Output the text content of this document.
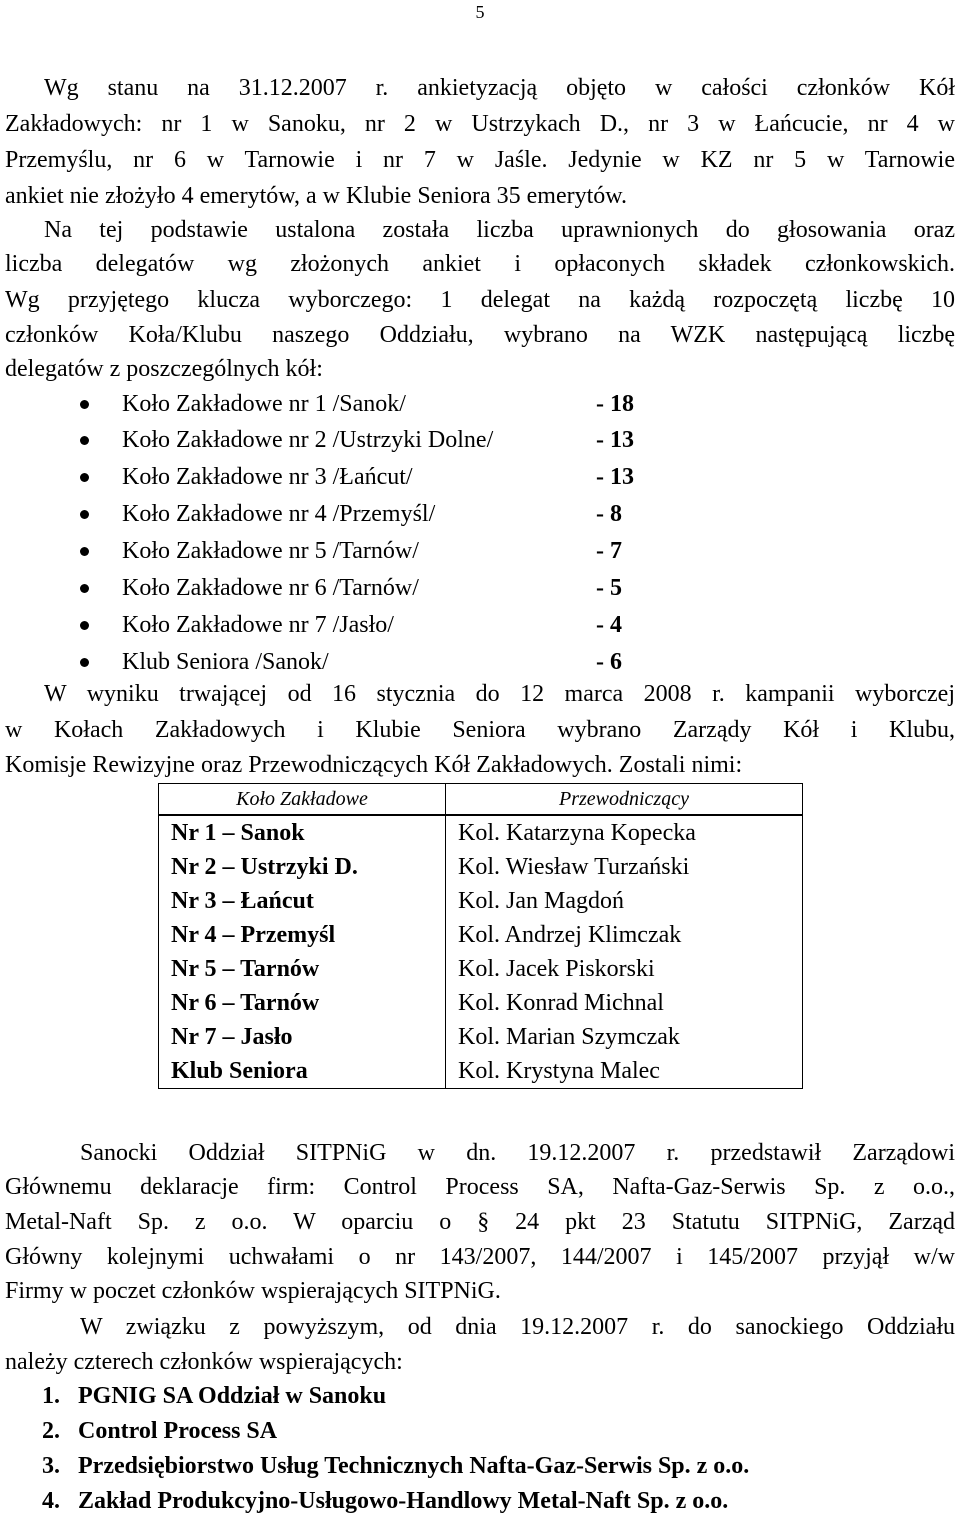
5
Wg stanu na 31.12.2007 r. ankietyzacją objęto w całości członków Kół
Zakładowych: nr 1 w Sanoku, nr 2 w Ustrzykach D., nr 3 w Łańcucie, nr 4 w
Przemyślu, nr 6 w Tarnowie i nr 7 w Jaśle. Jedynie w KZ nr 5 w Tarnowie
ankiet nie złożyło 4 emerytów, a w Klubie Seniora 35 emerytów.
Na tej podstawie ustalona została liczba uprawnionych do głosowania oraz
liczba delegatów wg złożonych ankiet i opłaconych składek członkowskich.
Wg przyjętego klucza wyborczego: 1 delegat na każdą rozpoczętą liczbę 10
członków Koła/Klubu naszego Oddziału, wybrano na WZK następującą liczbę
delegatów z poszczególnych kół:
Koło Zakładowe nr 1 /Sanok/	- 18
Koło Zakładowe nr 2 /Ustrzyki Dolne/	- 13
Koło Zakładowe nr 3 /Łańcut/	- 13
Koło Zakładowe nr 4 /Przemyśl/	- 8
Koło Zakładowe nr 5 /Tarnów/	- 7
Koło Zakładowe nr 6 /Tarnów/	- 5
Koło Zakładowe nr 7 /Jasło/	- 4
Klub Seniora /Sanok/	- 6
W wyniku trwającej od 16 stycznia do 12 marca 2008 r. kampanii wyborczej
w Kołach Zakładowych i Klubie Seniora wybrano Zarządy Kół i Klubu,
Komisje Rewizyjne oraz Przewodniczących Kół Zakładowych. Zostali nimi:
Koło Zakładowe	Przewodniczący
Nr 1 – Sanok	Kol. Katarzyna Kopecka
Nr 2 – Ustrzyki D.	Kol. Wiesław Turzański
Nr 3 – Łańcut	Kol. Jan Magdoń
Nr 4 – Przemyśl	Kol. Andrzej Klimczak
Nr 5 – Tarnów	Kol. Jacek Piskorski
Nr 6 – Tarnów	Kol. Konrad Michnal
Nr 7 – Jasło	Kol. Marian Szymczak
Klub Seniora	Kol. Krystyna Malec
Sanocki Oddział SITPNiG w dn. 19.12.2007 r. przedstawił Zarządowi
Głównemu deklaracje firm: Control Process SA, Nafta-Gaz-Serwis Sp. z o.o.,
Metal-Naft Sp. z o.o. W oparciu o § 24 pkt 23 Statutu SITPNiG, Zarząd
Główny kolejnymi uchwałami o nr 143/2007, 144/2007 i 145/2007 przyjął w/w
Firmy w poczet członków wspierających SITPNiG.
W związku z powyższym, od dnia 19.12.2007 r. do sanockiego Oddziału
należy czterech członków wspierających:
1. PGNIG SA Oddział w Sanoku
2. Control Process SA
3. Przedsiębiorstwo Usług Technicznych Nafta-Gaz-Serwis Sp. z o.o.
4. Zakład Produkcyjno-Usługowo-Handlowy Metal-Naft Sp. z o.o.
